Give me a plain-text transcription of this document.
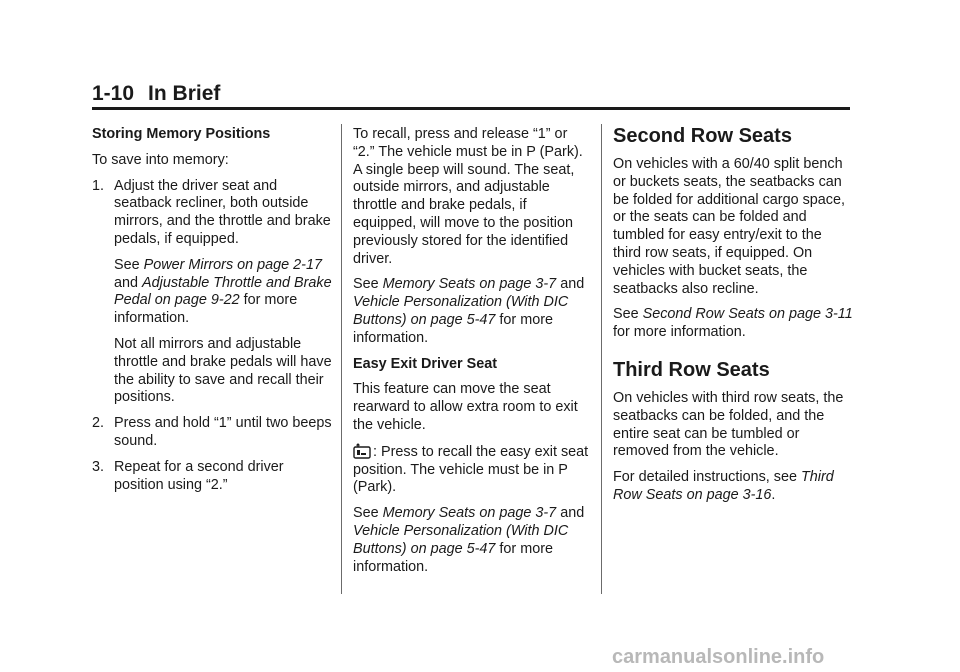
1-10 In Brief

Storing Memory Positions

To save into memory:

1. Adjust the driver seat and seatback recliner, both outside mirrors, and the throttle and brake pedals, if equipped.

See Power Mirrors on page 2-17 and Adjustable Throttle and Brake Pedal on page 9-22 for more information.

Not all mirrors and adjustable throttle and brake pedals will have the ability to save and recall their positions.

2. Press and hold “1” until two beeps sound.
3. Repeat for a second driver position using “2.”

To recall, press and release “1” or “2.” The vehicle must be in P (Park). A single beep will sound. The seat, outside mirrors, and adjustable throttle and brake pedals, if equipped, will move to the position previously stored for the identified driver.

See Memory Seats on page 3-7 and Vehicle Personalization (With DIC Buttons) on page 5-47 for more information.

Easy Exit Driver Seat

This feature can move the seat rearward to allow extra room to exit the vehicle.

: Press to recall the easy exit seat position. The vehicle must be in P (Park).

See Memory Seats on page 3-7 and Vehicle Personalization (With DIC Buttons) on page 5-47 for more information.

Second Row Seats

On vehicles with a 60/40 split bench or buckets seats, the seatbacks can be folded for additional cargo space, or the seats can be folded and tumbled for easy entry/exit to the third row seats, if equipped. On vehicles with bucket seats, the seatbacks also recline.

See Second Row Seats on page 3-11 for more information.

Third Row Seats

On vehicles with third row seats, the seatbacks can be folded, and the entire seat can be tumbled or removed from the vehicle.

For detailed instructions, see Third Row Seats on page 3-16.

carmanualsonline.info
